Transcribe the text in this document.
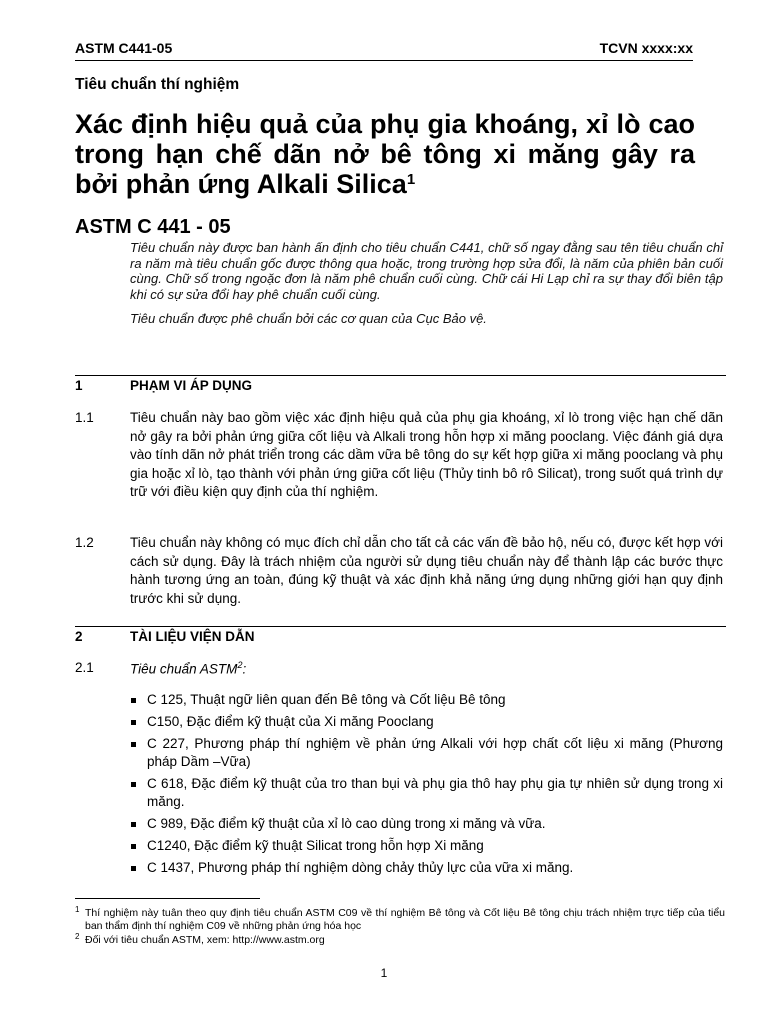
ASTM C441-05	TCVN xxxx:xx
Tiêu chuẩn thí nghiệm
Xác định hiệu quả của phụ gia khoáng, xỉ lò cao trong hạn chế dãn nở bê tông xi măng gây ra bởi phản ứng Alkali Silica$^1$
ASTM C 441 - 05

Tiêu chuẩn này được ban hành ấn định cho tiêu chuẩn C441, chữ số ngay đằng sau tên tiêu chuẩn chỉ ra năm mà tiêu chuẩn gốc được thông qua hoặc, trong trường hợp sửa đổi, là năm của phiên bản cuối cùng. Chữ số trong ngoặc đơn là năm phê chuẩn cuối cùng. Chữ cái Hi Lạp chỉ ra sự thay đổi biên tập khi có sự sửa đổi hay phê chuẩn cuối cùng.

Tiêu chuẩn được phê chuẩn bởi các cơ quan của Cục Bảo vệ.

1	PHẠM VI ÁP DỤNG
1.1	Tiêu chuẩn này bao gồm việc xác định hiệu quả của phụ gia khoáng, xỉ lò trong việc hạn chế dãn nở gây ra bởi phản ứng giữa cốt liệu và Alkali trong hỗn hợp xi măng pooclang. Việc đánh giá dựa vào tính dãn nở phát triển trong các dầm vữa bê tông do sự kết hợp giữa xi măng pooclang và phụ gia hoặc xỉ lò, tạo thành với phản ứng giữa cốt liệu (Thủy tinh bô rô Silicat), trong suốt quá trình dự trữ với điều kiện quy định của thí nghiệm.
1.2	Tiêu chuẩn này không có mục đích chỉ dẫn cho tất cả các vấn đề bảo hộ, nếu có, được kết hợp với cách sử dụng. Đây là trách nhiệm của người sử dụng tiêu chuẩn này để thành lập các bước thực hành tương ứng an toàn, đúng kỹ thuật và xác định khả năng ứng dụng những giới hạn quy định trước khi sử dụng.
2	TÀI LIỆU VIỆN DẪN
2.1	Tiêu chuẩn ASTM$^2$:
C 125, Thuật ngữ liên quan đến Bê tông và Cốt liệu Bê tông
C150, Đặc điểm kỹ thuật của Xi măng Pooclang
C 227, Phương pháp thí nghiệm về phản ứng Alkali với hợp chất cốt liệu xi măng (Phương pháp Dầm –Vữa)
C 618, Đặc điểm kỹ thuật của tro than bụi và phụ gia thô hay phụ gia tự nhiên sử dụng trong xi măng.
C 989, Đặc điểm kỹ thuật của xỉ lò cao dùng trong xi măng và vữa.
C1240, Đặc điểm kỹ thuật Silicat trong hỗn hợp Xi măng
C 1437, Phương pháp thí nghiệm dòng chảy thủy lực của vữa xi măng.
1 Thí nghiệm này tuân theo quy định tiêu chuẩn ASTM C09 về thí nghiệm Bê tông và Cốt liệu Bê tông chịu trách nhiệm trực tiếp của tiểu ban thẩm định thí nghiệm C09 về những phản ứng hóa học
2 Đối với tiêu chuẩn ASTM, xem: http://www.astm.org
1
